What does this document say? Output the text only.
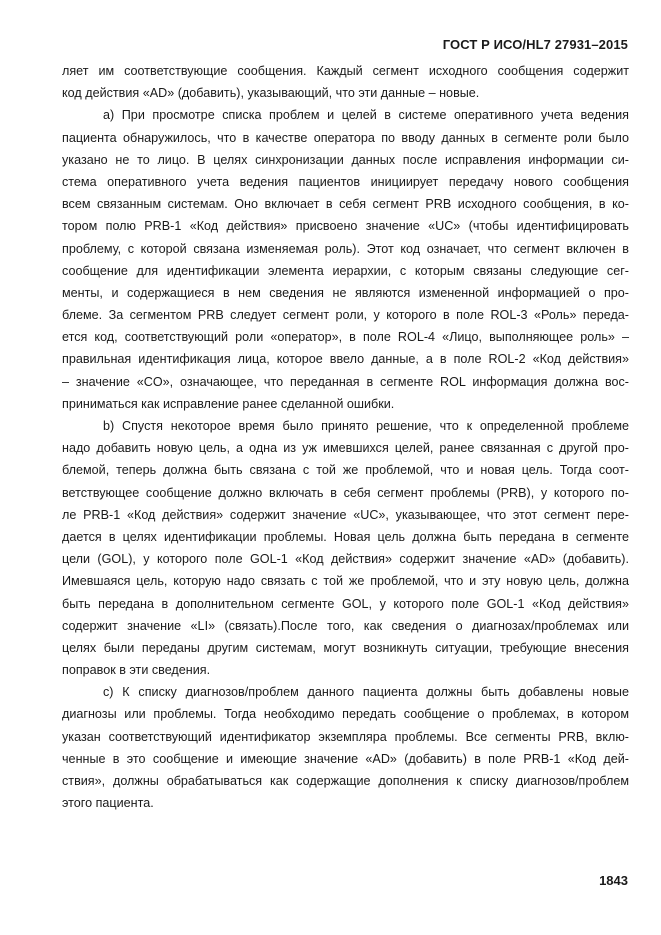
ГОСТ Р ИСО/HL7 27931–2015
ляет им соответствующие сообщения. Каждый сегмент исходного сообщения содержит
код действия «AD» (добавить), указывающий, что эти данные – новые.
a) При просмотре списка проблем и целей в системе оперативного учета ведения
пациента обнаружилось, что в качестве оператора по вводу данных в сегменте роли было
указано не то лицо. В целях синхронизации данных после исправления информации си-
стема оперативного учета ведения пациентов инициирует передачу нового сообщения
всем связанным системам. Оно включает в себя сегмент PRB исходного сообщения, в ко-
тором полю PRB-1 «Код действия» присвоено значение «UC» (чтобы идентифицировать
проблему, с которой связана изменяемая роль). Этот код означает, что сегмент включен в
сообщение для идентификации элемента иерархии, с которым связаны следующие сег-
менты, и содержащиеся в нем сведения не являются измененной информацией о про-
блеме. За сегментом PRB следует сегмент роли, у которого в поле ROL-3 «Роль» переда-
ется код, соответствующий роли «оператор», в поле ROL-4 «Лицо, выполняющее роль» –
правильная идентификация лица, которое ввело данные, а в поле ROL-2 «Код действия»
– значение «CO», означающее, что переданная в сегменте ROL информация должна вос-
приниматься как исправление ранее сделанной ошибки.
b) Спустя некоторое время было принято решение, что к определенной проблеме
надо добавить новую цель, а одна из уж имевшихся целей, ранее связанная с другой про-
блемой, теперь должна быть связана с той же проблемой, что и новая цель. Тогда соот-
ветствующее сообщение должно включать в себя сегмент проблемы (PRB), у которого по-
ле PRB-1 «Код действия» содержит значение «UC», указывающее, что этот сегмент пере-
дается в целях идентификации проблемы. Новая цель должна быть передана в сегменте
цели (GOL), у которого поле GOL-1 «Код действия» содержит значение «AD» (добавить).
Имевшаяся цель, которую надо связать с той же проблемой, что и эту новую цель, должна
быть передана в дополнительном сегменте GOL, у которого поле GOL-1 «Код действия»
содержит значение «LI» (связать).После того, как сведения о диагнозах/проблемах или
целях были переданы другим системам, могут возникнуть ситуации, требующие внесения
поправок в эти сведения.
c) К списку диагнозов/проблем данного пациента должны быть добавлены новые
диагнозы или проблемы. Тогда необходимо передать сообщение о проблемах, в котором
указан соответствующий идентификатор экземпляра проблемы. Все сегменты PRB, вклю-
ченные в это сообщение и имеющие значение «AD» (добавить) в поле PRB-1 «Код дей-
ствия», должны обрабатываться как содержащие дополнения к списку диагнозов/проблем
этого пациента.
1843
